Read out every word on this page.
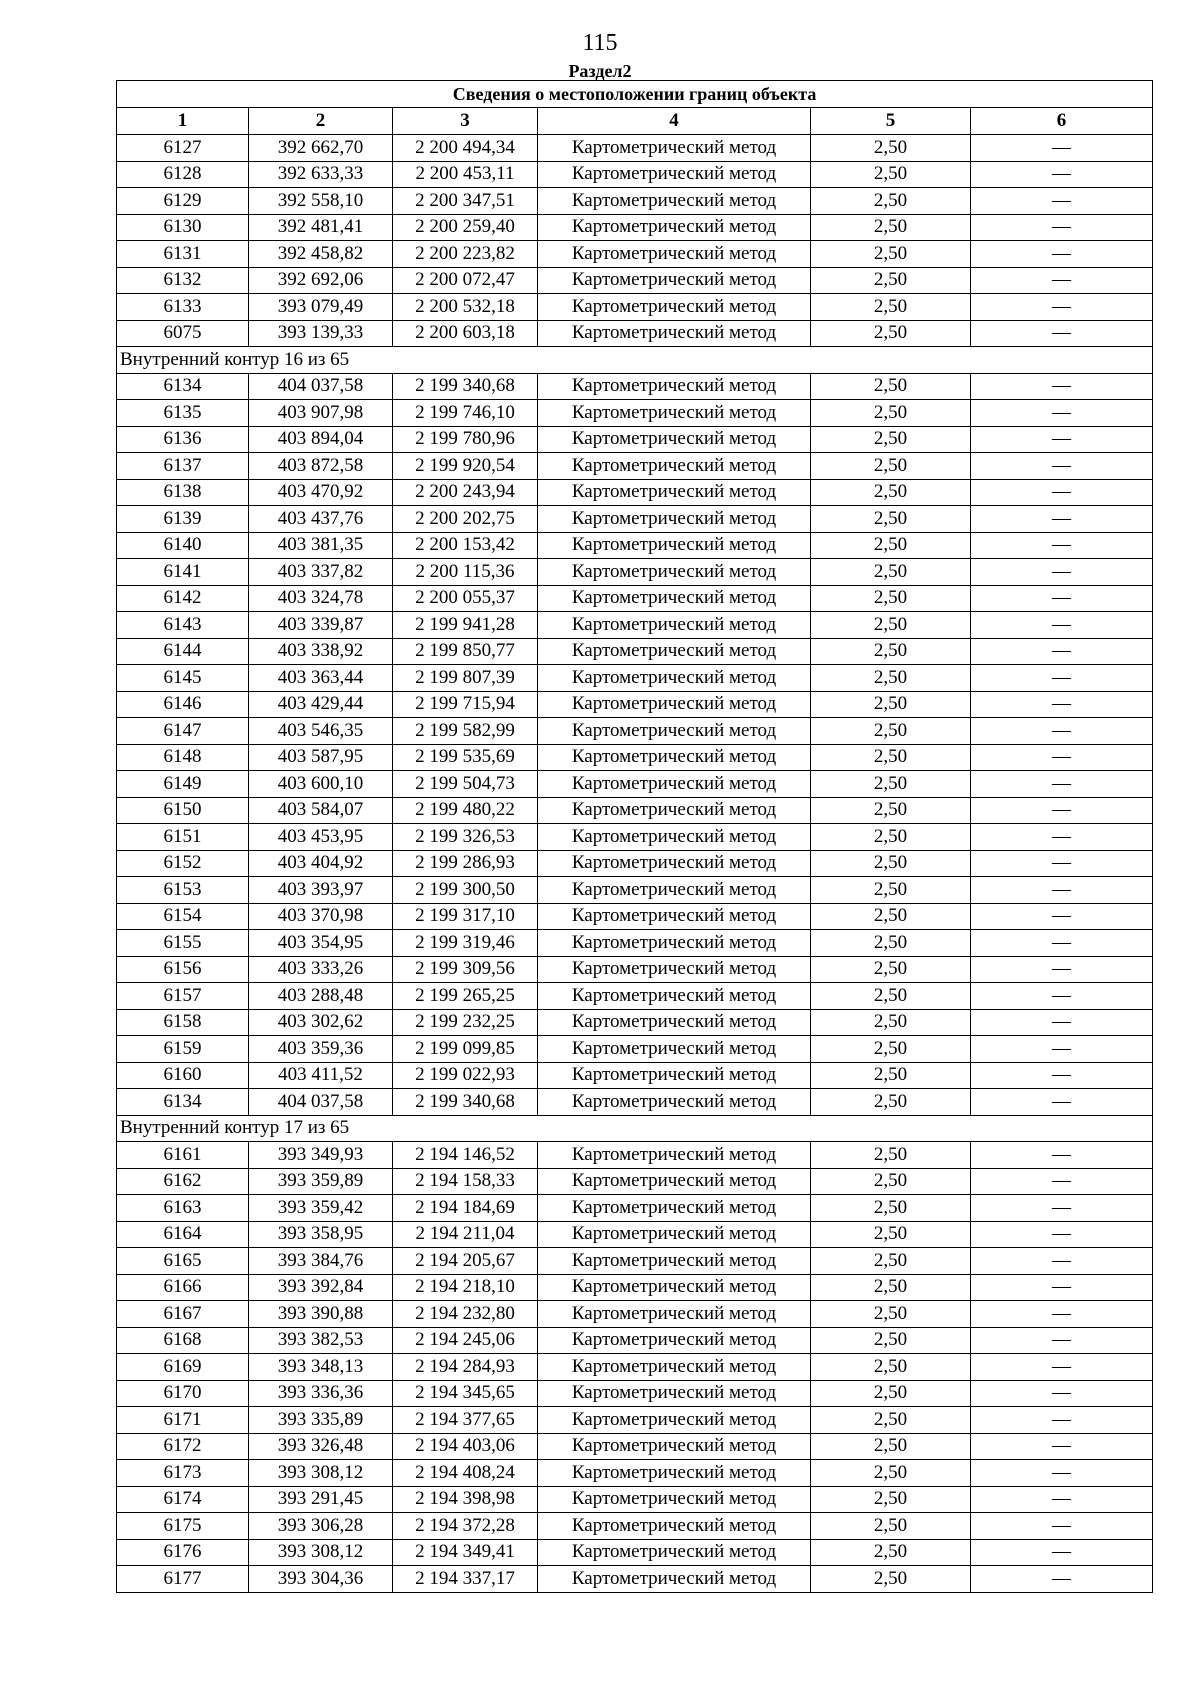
115
Раздел2
Сведения о местоположении границ объекта					
1	2	3	4	5	6
6127	392 662,70	2 200 494,34	Картометрический метод	2,50	—
6128	392 633,33	2 200 453,11	Картометрический метод	2,50	—
6129	392 558,10	2 200 347,51	Картометрический метод	2,50	—
6130	392 481,41	2 200 259,40	Картометрический метод	2,50	—
6131	392 458,82	2 200 223,82	Картометрический метод	2,50	—
6132	392 692,06	2 200 072,47	Картометрический метод	2,50	—
6133	393 079,49	2 200 532,18	Картометрический метод	2,50	—
6075	393 139,33	2 200 603,18	Картометрический метод	2,50	—
Внутренний контур 16 из 65					
6134	404 037,58	2 199 340,68	Картометрический метод	2,50	—
6135	403 907,98	2 199 746,10	Картометрический метод	2,50	—
6136	403 894,04	2 199 780,96	Картометрический метод	2,50	—
6137	403 872,58	2 199 920,54	Картометрический метод	2,50	—
6138	403 470,92	2 200 243,94	Картометрический метод	2,50	—
6139	403 437,76	2 200 202,75	Картометрический метод	2,50	—
6140	403 381,35	2 200 153,42	Картометрический метод	2,50	—
6141	403 337,82	2 200 115,36	Картометрический метод	2,50	—
6142	403 324,78	2 200 055,37	Картометрический метод	2,50	—
6143	403 339,87	2 199 941,28	Картометрический метод	2,50	—
6144	403 338,92	2 199 850,77	Картометрический метод	2,50	—
6145	403 363,44	2 199 807,39	Картометрический метод	2,50	—
6146	403 429,44	2 199 715,94	Картометрический метод	2,50	—
6147	403 546,35	2 199 582,99	Картометрический метод	2,50	—
6148	403 587,95	2 199 535,69	Картометрический метод	2,50	—
6149	403 600,10	2 199 504,73	Картометрический метод	2,50	—
6150	403 584,07	2 199 480,22	Картометрический метод	2,50	—
6151	403 453,95	2 199 326,53	Картометрический метод	2,50	—
6152	403 404,92	2 199 286,93	Картометрический метод	2,50	—
6153	403 393,97	2 199 300,50	Картометрический метод	2,50	—
6154	403 370,98	2 199 317,10	Картометрический метод	2,50	—
6155	403 354,95	2 199 319,46	Картометрический метод	2,50	—
6156	403 333,26	2 199 309,56	Картометрический метод	2,50	—
6157	403 288,48	2 199 265,25	Картометрический метод	2,50	—
6158	403 302,62	2 199 232,25	Картометрический метод	2,50	—
6159	403 359,36	2 199 099,85	Картометрический метод	2,50	—
6160	403 411,52	2 199 022,93	Картометрический метод	2,50	—
6134	404 037,58	2 199 340,68	Картометрический метод	2,50	—
Внутренний контур 17 из 65					
6161	393 349,93	2 194 146,52	Картометрический метод	2,50	—
6162	393 359,89	2 194 158,33	Картометрический метод	2,50	—
6163	393 359,42	2 194 184,69	Картометрический метод	2,50	—
6164	393 358,95	2 194 211,04	Картометрический метод	2,50	—
6165	393 384,76	2 194 205,67	Картометрический метод	2,50	—
6166	393 392,84	2 194 218,10	Картометрический метод	2,50	—
6167	393 390,88	2 194 232,80	Картометрический метод	2,50	—
6168	393 382,53	2 194 245,06	Картометрический метод	2,50	—
6169	393 348,13	2 194 284,93	Картометрический метод	2,50	—
6170	393 336,36	2 194 345,65	Картометрический метод	2,50	—
6171	393 335,89	2 194 377,65	Картометрический метод	2,50	—
6172	393 326,48	2 194 403,06	Картометрический метод	2,50	—
6173	393 308,12	2 194 408,24	Картометрический метод	2,50	—
6174	393 291,45	2 194 398,98	Картометрический метод	2,50	—
6175	393 306,28	2 194 372,28	Картометрический метод	2,50	—
6176	393 308,12	2 194 349,41	Картометрический метод	2,50	—
6177	393 304,36	2 194 337,17	Картометрический метод	2,50	—
